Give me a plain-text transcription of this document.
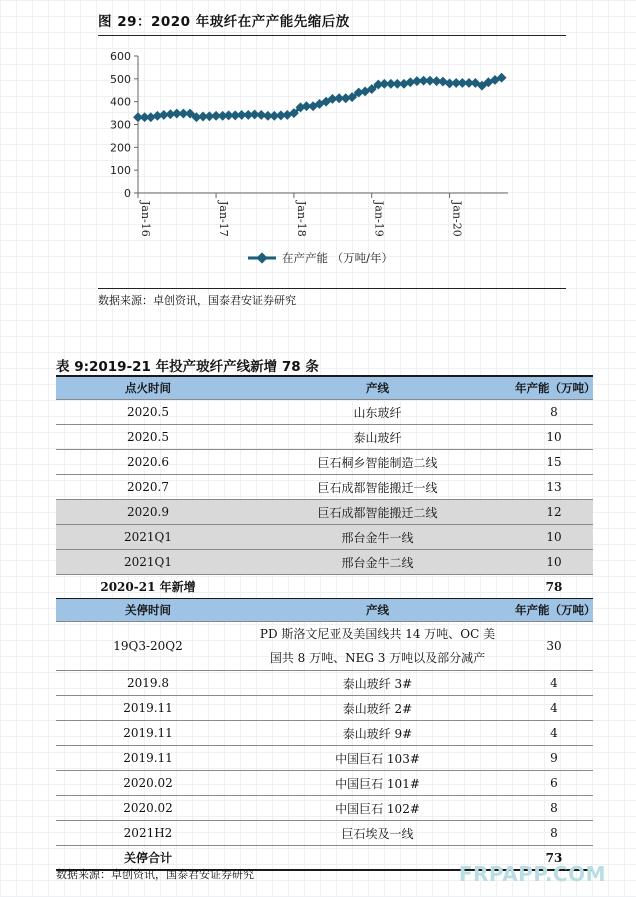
图 29：2020 年玻纤在产产能先缩后放
0
100
200
300
400
500
600
Jan-16	Jan-17	Jan-18	Jan-19	Jan-20
在产产能 （万吨/年）
数据来源：卓创资讯，国泰君安证券研究
表 9:2019-21 年投产玻纤产线新增 78 条
点火时间	产线	年产能（万吨）
2020.5	山东玻纤	8
2020.5	泰山玻纤	10
2020.6	巨石桐乡智能制造二线	15
2020.7	巨石成都智能搬迁一线	13
2020.9	巨石成都智能搬迁二线	12
2021Q1	邢台金牛一线	10
2021Q1	邢台金牛二线	10
2020-21 年新增		78
关停时间	产线	年产能（万吨）
19Q3-20Q2	PD 斯洛文尼亚及美国线共 14 万吨、OC 美
国共 8 万吨、NEG 3 万吨以及部分减产	30
2019.8	泰山玻纤 3#	4
2019.11	泰山玻纤 2#	4
2019.11	泰山玻纤 9#	4
2019.11	中国巨石 103#	9
2020.02	中国巨石 101#	6
2020.02	中国巨石 102#	8
2021H2	巨石埃及一线	8
关停合计		73
数据来源：卓创资讯，国泰君安证券研究	FRPAPP.COM
